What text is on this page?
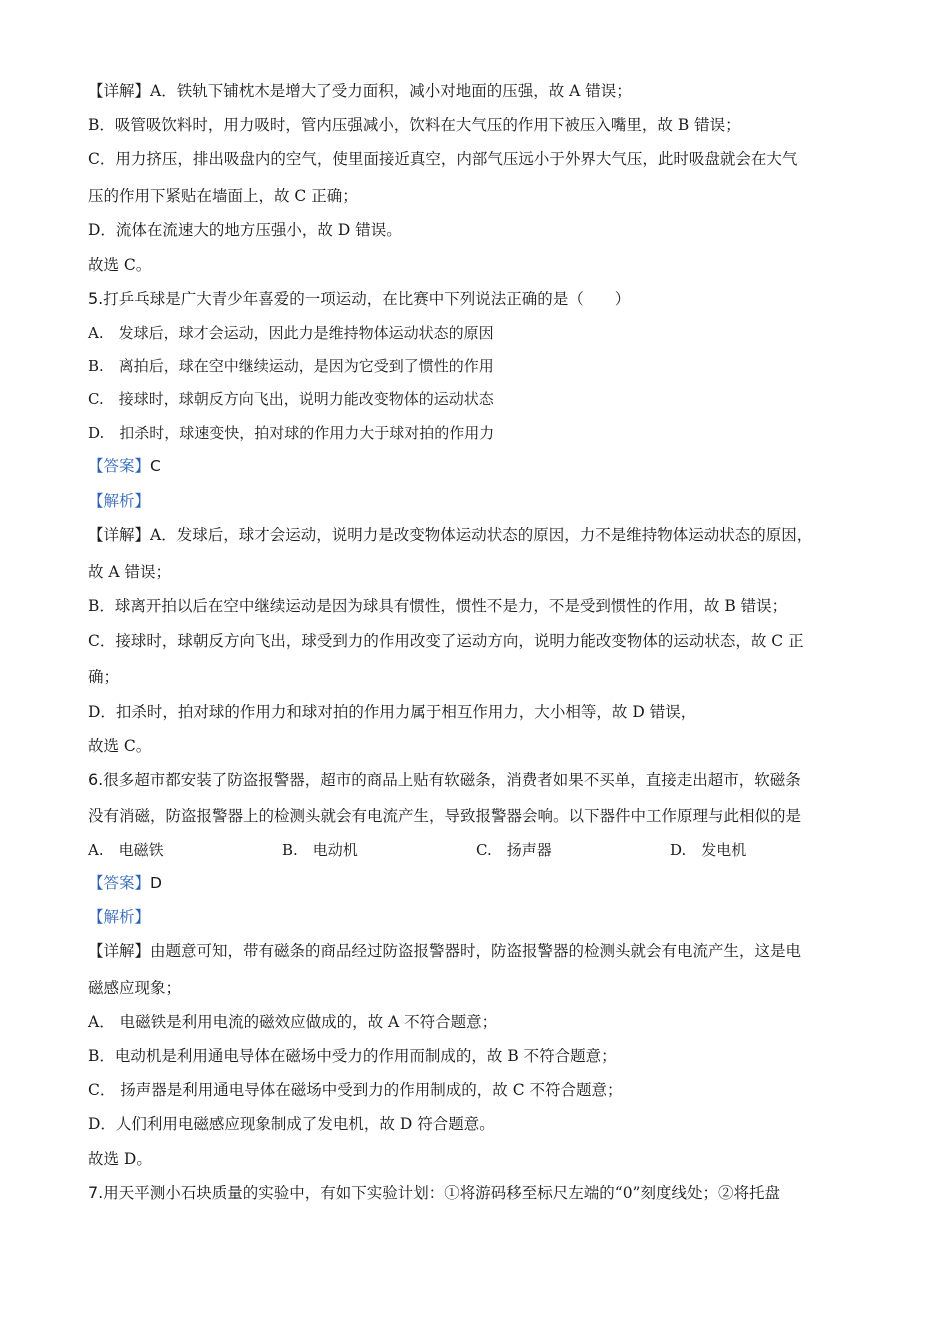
【详解】A．铁轨下铺枕木是增大了受力面积，减小对地面的压强，故 A 错误；
B．吸管吸饮料时，用力吸时，管内压强减小，饮料在大气压的作用下被压入嘴里，故 B 错误；
C．用力挤压，排出吸盘内的空气，使里面接近真空，内部气压远小于外界大气压，此时吸盘就会在大气
压的作用下紧贴在墙面上，故 C 正确；
D．流体在流速大的地方压强小，故 D 错误。
故选 C。
5.打乒乓球是广大青少年喜爱的一项运动，在比赛中下列说法正确的是（　　）
A.　发球后，球才会运动，因此力是维持物体运动状态的原因
B.　离拍后，球在空中继续运动，是因为它受到了惯性的作用
C.　接球时，球朝反方向飞出，说明力能改变物体的运动状态
D.　扣杀时，球速变快，拍对球的作用力大于球对拍的作用力
【答案】C
【解析】
【详解】A．发球后，球才会运动，说明力是改变物体运动状态的原因，力不是维持物体运动状态的原因，
故 A 错误；
B．球离开拍以后在空中继续运动是因为球具有惯性，惯性不是力，不是受到惯性的作用，故 B 错误；
C．接球时，球朝反方向飞出，球受到力的作用改变了运动方向，说明力能改变物体的运动状态，故 C 正
确；
D．扣杀时，拍对球的作用力和球对拍的作用力属于相互作用力，大小相等，故 D 错误，
故选 C。
6.很多超市都安装了防盗报警器，超市的商品上贴有软磁条，消费者如果不买单，直接走出超市，软磁条
没有消磁，防盗报警器上的检测头就会有电流产生，导致报警器会响。以下器件中工作原理与此相似的是
A.　电磁铁	B.　电动机	C.　扬声器	D.　发电机
【答案】D
【解析】
【详解】由题意可知，带有磁条的商品经过防盗报警器时，防盗报警器的检测头就会有电流产生，这是电
磁感应现象；
A． 电磁铁是利用电流的磁效应做成的，故 A 不符合题意；
B．电动机是利用通电导体在磁场中受力的作用而制成的，故 B 不符合题意；
C． 扬声器是利用通电导体在磁场中受到力的作用制成的，故 C 不符合题意；
D．人们利用电磁感应现象制成了发电机，故 D 符合题意。
故选 D。
7.用天平测小石块质量的实验中，有如下实验计划：①将游码移至标尺左端的“0”刻度线处；②将托盘
